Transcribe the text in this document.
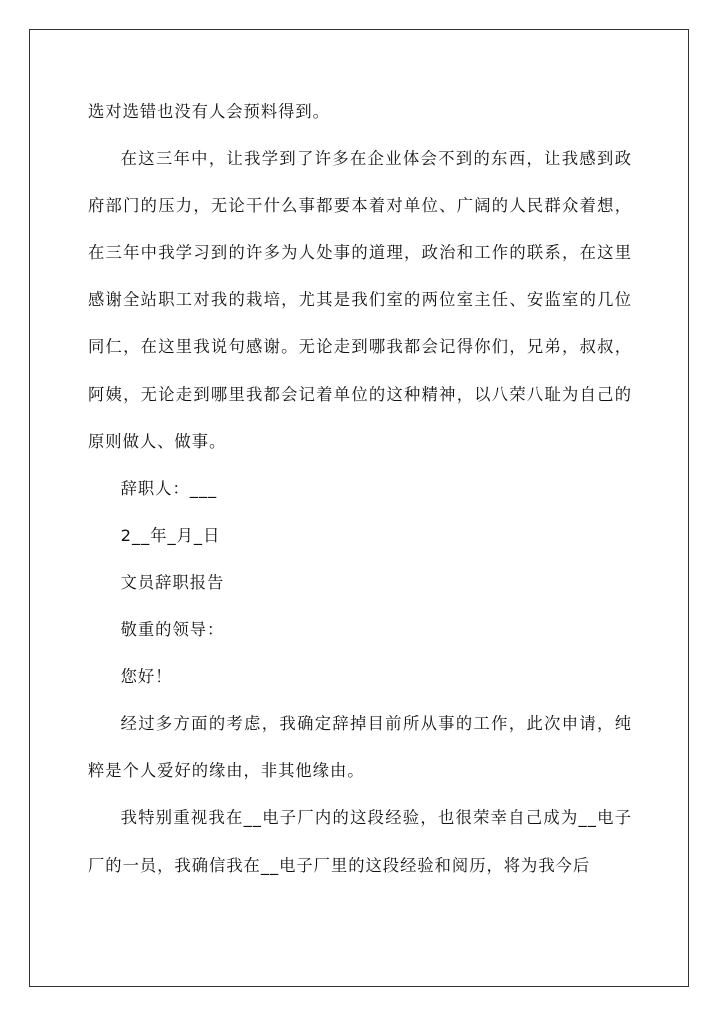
选对选错也没有人会预料得到。

在这三年中，让我学到了许多在企业体会不到的东西，让我感到政府部门的压力，无论干什么事都要本着对单位、广阔的人民群众着想，在三年中我学习到的许多为人处事的道理，政治和工作的联系，在这里感谢全站职工对我的栽培，尤其是我们室的两位室主任、安监室的几位同仁，在这里我说句感谢。无论走到哪我都会记得你们，兄弟，叔叔，阿姨，无论走到哪里我都会记着单位的这种精神，以八荣八耻为自己的原则做人、做事。

辞职人：___

2__年_月_日

文员辞职报告

敬重的领导：

您好！

经过多方面的考虑，我确定辞掉目前所从事的工作，此次申请，纯粹是个人爱好的缘由，非其他缘由。

我特别重视我在__电子厂内的这段经验，也很荣幸自己成为__电子厂的一员，我确信我在__电子厂里的这段经验和阅历，将为我今后
